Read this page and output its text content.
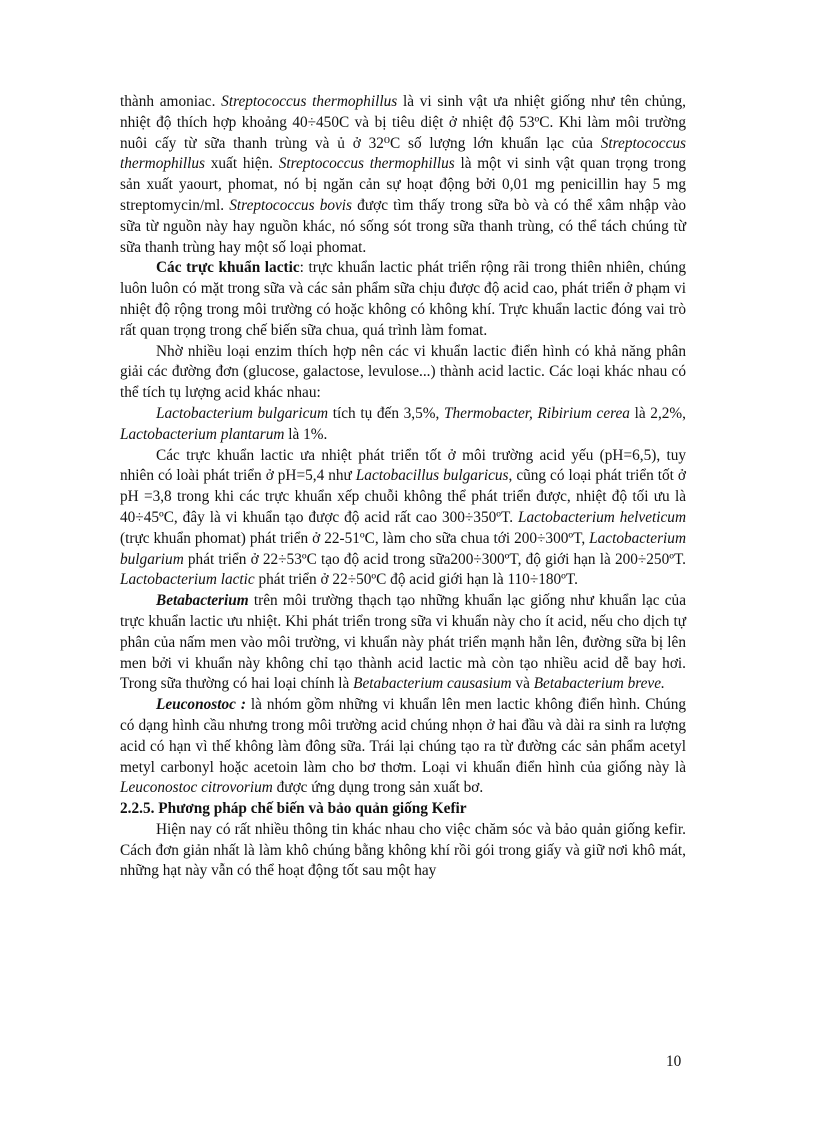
thành amoniac. Streptococcus thermophillus là vi sinh vật ưa nhiệt giống như tên chủng, nhiệt độ thích hợp khoảng 40÷450C và bị tiêu diệt ở nhiệt độ 53ºC. Khi làm môi trường nuôi cấy từ sữa thanh trùng và ủ ở 32⁰C số lượng lớn khuẩn lạc của Streptococcus thermophillus xuất hiện. Streptococcus thermophillus là một vi sinh vật quan trọng trong sản xuất yaourt, phomat, nó bị ngăn cản sự hoạt động bởi 0,01 mg penicillin hay 5 mg streptomycin/ml. Streptococcus bovis được tìm thấy trong sữa bò và có thể xâm nhập vào sữa từ nguồn này hay nguồn khác, nó sống sót trong sữa thanh trùng, có thể tách chúng từ sữa thanh trùng hay một số loại phomat.

Các trực khuẩn lactic: trực khuẩn lactic phát triển rộng rãi trong thiên nhiên, chúng luôn luôn có mặt trong sữa và các sản phẩm sữa chịu được độ acid cao, phát triển ở phạm vi nhiệt độ rộng trong môi trường có hoặc không có không khí. Trực khuẩn lactic đóng vai trò rất quan trọng trong chế biến sữa chua, quá trình làm fomat.

Nhờ nhiều loại enzim thích hợp nên các vi khuẩn lactic điển hình có khả năng phân giải các đường đơn (glucose, galactose, levulose...) thành acid lactic. Các loại khác nhau có thể tích tụ lượng acid khác nhau:

Lactobacterium bulgaricum tích tụ đến 3,5%, Thermobacter, Ribirium cerea là 2,2%, Lactobacterium plantarum là 1%.

Các trực khuẩn lactic ưa nhiệt phát triển tốt ở môi trường acid yếu (pH=6,5), tuy nhiên có loài phát triển ở pH=5,4 như Lactobacillus bulgaricus, cũng có loại phát triển tốt ở pH =3,8 trong khi các trực khuẩn xếp chuỗi không thể phát triển được, nhiệt độ tối ưu là 40÷45ºC, đây là vi khuẩn tạo được độ acid rất cao 300÷350ºT. Lactobacterium helveticum (trực khuẩn phomat) phát triển ở 22-51ºC, làm cho sữa chua tới 200÷300ºT, Lactobacterium bulgarium phát triển ở 22÷53ºC tạo độ acid trong sữa200÷300ºT, độ giới hạn là 200÷250ºT. Lactobacterium lactic phát triển ở 22÷50ºC độ acid giới hạn là 110÷180ºT.

Betabacterium trên môi trường thạch tạo những khuẩn lạc giống như khuẩn lạc của trực khuẩn lactic ưu nhiệt. Khi phát triển trong sữa vi khuẩn này cho ít acid, nếu cho dịch tự phân của nấm men vào môi trường, vi khuẩn này phát triển mạnh hẳn lên, đường sữa bị lên men bởi vi khuẩn này không chỉ tạo thành acid lactic mà còn tạo nhiều acid dễ bay hơi. Trong sữa thường có hai loại chính là Betabacterium causasium và Betabacterium breve.

Leuconostoc : là nhóm gồm những vi khuẩn lên men lactic không điển hình. Chúng có dạng hình cầu nhưng trong môi trường acid chúng nhọn ở hai đầu và dài ra sinh ra lượng acid có hạn vì thế không làm đông sữa. Trái lại chúng tạo ra từ đường các sản phẩm acetyl metyl carbonyl hoặc acetoin làm cho bơ thơm. Loại vi khuẩn điển hình của giống này là Leuconostoc citrovorium được ứng dụng trong sản xuất bơ.

2.2.5. Phương pháp chế biến và bảo quản giống Kefir

Hiện nay có rất nhiều thông tin khác nhau cho việc chăm sóc và bảo quản giống kefir. Cách đơn giản nhất là làm khô chúng bằng không khí rồi gói trong giấy và giữ nơi khô mát, những hạt này vẫn có thể hoạt động tốt sau một hay

10
